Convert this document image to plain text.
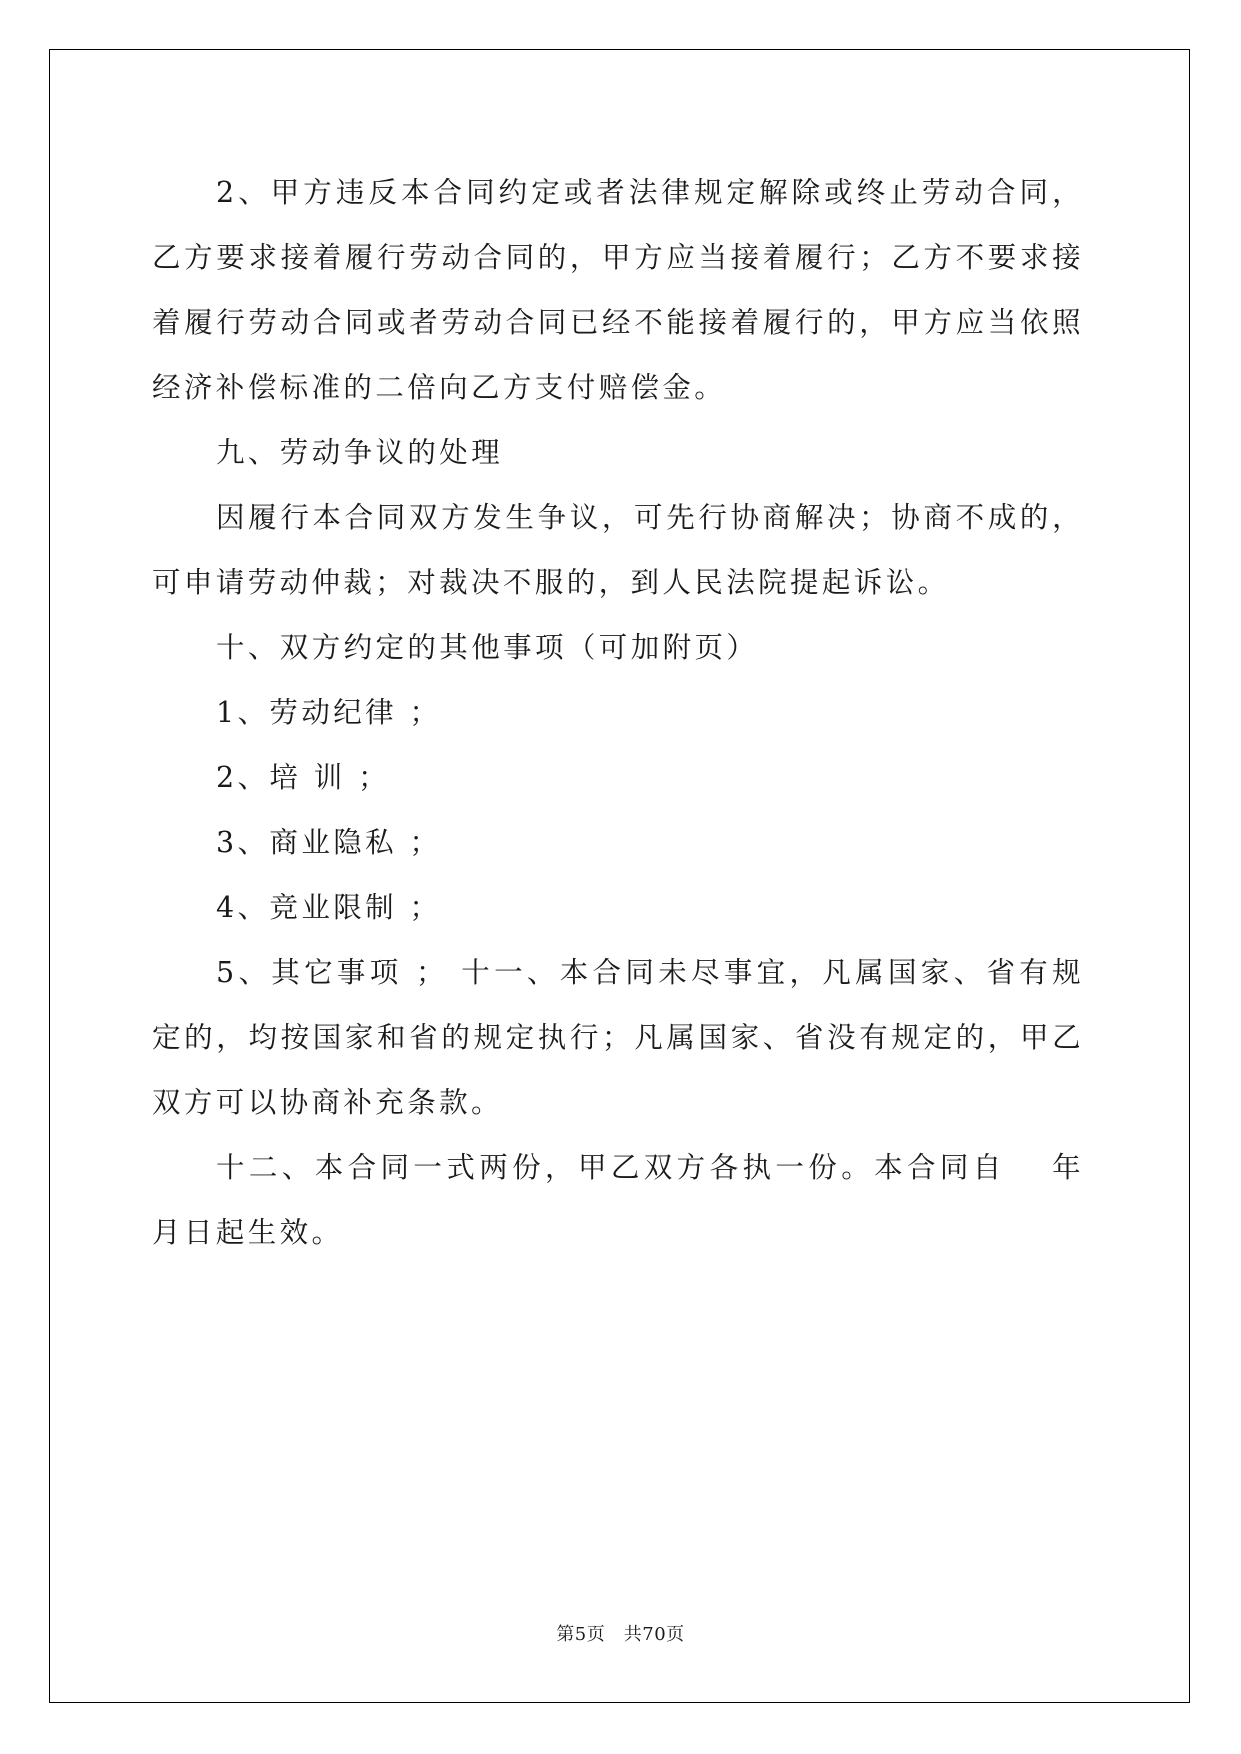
2、甲方违反本合同约定或者法律规定解除或终止劳动合同，乙方要求接着履行劳动合同的，甲方应当接着履行；乙方不要求接着履行劳动合同或者劳动合同已经不能接着履行的，甲方应当依照经济补偿标准的二倍向乙方支付赔偿金。

九、劳动争议的处理

因履行本合同双方发生争议，可先行协商解决；协商不成的，可申请劳动仲裁；对裁决不服的，到人民法院提起诉讼。

十、双方约定的其他事项（可加附页）

1、劳动纪律 ；

2、培 训 ；

3、商业隐私 ；

4、竞业限制 ；

5、其它事项 ； 十一、本合同未尽事宜，凡属国家、省有规定的，均按国家和省的规定执行；凡属国家、省没有规定的，甲乙双方可以协商补充条款。

十二、本合同一式两份，甲乙双方各执一份。本合同自　 年月日起生效。

第5页　共70页
